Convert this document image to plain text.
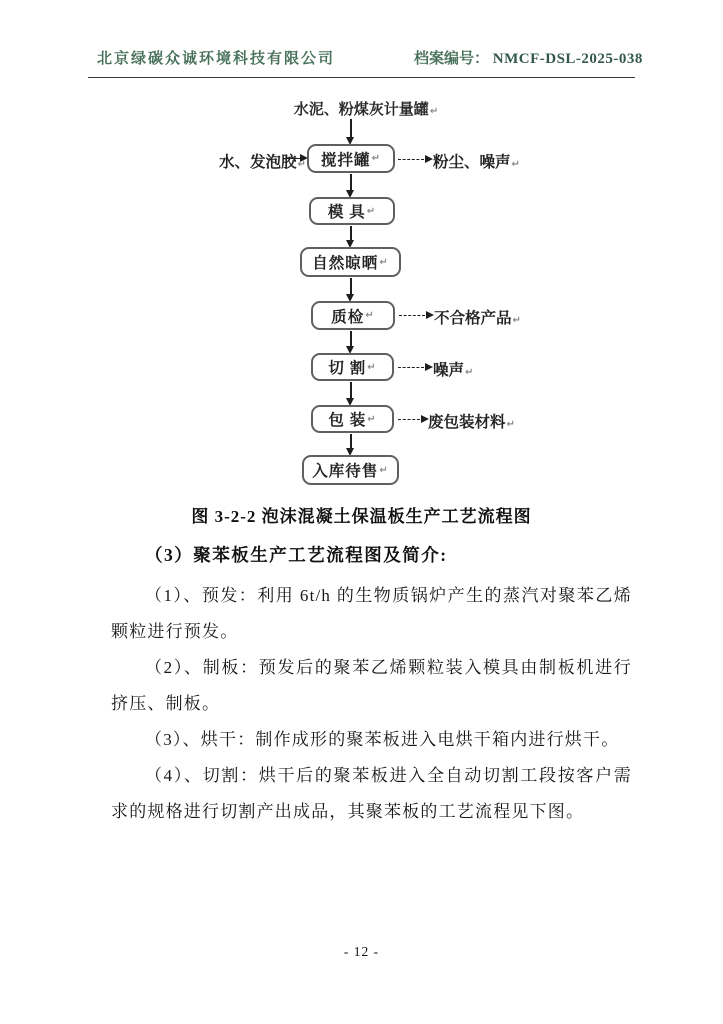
北京绿碳众诚环境科技有限公司	档案编号： NMCF-DSL-2025-038
水泥、粉煤灰计量罐↵
水、发泡胶↵ 搅拌罐 ↵	粉尘、噪声↵
模 具 ↵
自然晾晒 ↵
质检 ↵	不合格产品↵
切 割 ↵	噪声↵
包 装 ↵	废包装材料↵
入库待售 ↵
图 3-2-2 泡沫混凝土保温板生产工艺流程图
（3）聚苯板生产工艺流程图及简介:

（1）、预发：利用 6t/h 的生物质锅炉产生的蒸汽对聚苯乙烯颗粒进行预发。

（2）、制板：预发后的聚苯乙烯颗粒装入模具由制板机进行挤压、制板。

（3）、烘干：制作成形的聚苯板进入电烘干箱内进行烘干。

（4）、切割：烘干后的聚苯板进入全自动切割工段按客户需求的规格进行切割产出成品，其聚苯板的工艺流程见下图。

- 12 -
